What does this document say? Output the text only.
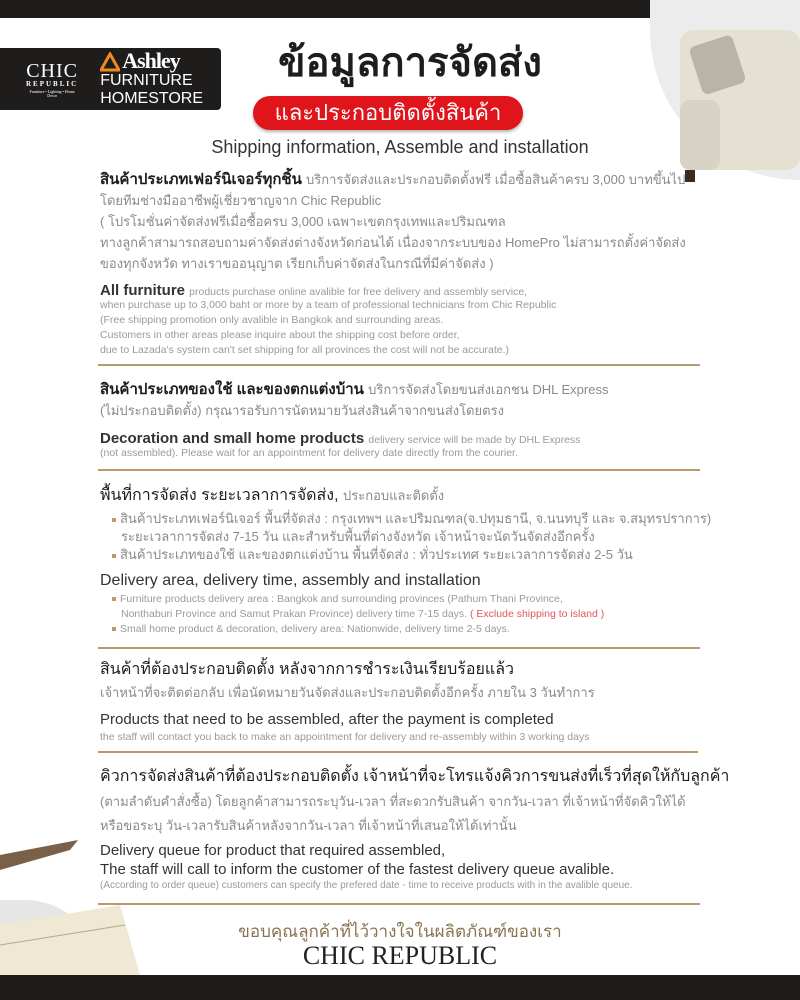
CHIC
REPUBLIC
Furniture • Lighting • Home Decor
Ashley
FURNITURE HOMESTORE
ข้อมูลการจัดส่ง
และประกอบติดตั้งสินค้า
Shipping information, Assemble and installation
สินค้าประเภทเฟอร์นิเจอร์ทุกชิ้น บริการจัดส่งและประกอบติดตั้งฟรี เมื่อซื้อสินค้าครบ 3,000 บาทขึ้นไป
โดยทีมช่างมืออาชีพผู้เชี่ยวชาญจาก Chic Republic
( โปรโมชั่นค่าจัดส่งฟรีเมื่อซื้อครบ 3,000 เฉพาะเขตกรุงเทพและปริมณฑล
ทางลูกค้าสามารถสอบถามค่าจัดส่งต่างจังหวัดก่อนได้ เนื่องจากระบบของ HomePro ไม่สามารถตั้งค่าจัดส่ง
ของทุกจังหวัด ทางเราขออนุญาต เรียกเก็บค่าจัดส่งในกรณีที่มีค่าจัดส่ง )
All furniture products purchase online avalible for free delivery and assembly service,
when purchase up to 3,000 baht or more by a team of professional technicians from Chic Republic
(Free shipping promotion only avalible in Bangkok and surrounding areas.
Customers in other areas please inquire about the shipping cost before order,
due to Lazada's system can't set shipping for all provinces the cost will not be accurate.)
สินค้าประเภทของใช้ และของตกแต่งบ้าน บริการจัดส่งโดยขนส่งเอกชน DHL Express
(ไม่ประกอบติดตั้ง) กรุณารอรับการนัดหมายวันส่งสินค้าจากขนส่งโดยตรง
Decoration and small home products delivery service will be made by DHL Express
(not assembled). Please wait for an appointment for delivery date directly from the courier.
พื้นที่การจัดส่ง ระยะเวลาการจัดส่ง, ประกอบและติดตั้ง
สินค้าประเภทเฟอร์นิเจอร์ พื้นที่จัดส่ง : กรุงเทพฯ และปริมณฑล(จ.ปทุมธานี, จ.นนทบุรี และ จ.สมุทรปราการ)
ระยะเวลาการจัดส่ง 7-15 วัน และสำหรับพื้นที่ต่างจังหวัด เจ้าหน้าจะนัดวันจัดส่งอีกครั้ง
สินค้าประเภทของใช้ และของตกแต่งบ้าน พื้นที่จัดส่ง : ทั่วประเทศ ระยะเวลาการจัดส่ง 2-5 วัน
Delivery area, delivery time, assembly and installation
Furniture products delivery area : Bangkok and surrounding provinces (Pathum Thani Province,
Nonthaburi Province and Samut Prakan Province) delivery time 7-15 days. ( Exclude shipping to island )
Small home product & decoration, delivery area: Nationwide, delivery time 2-5 days.
สินค้าที่ต้องประกอบติดตั้ง หลังจากการชำระเงินเรียบร้อยแล้ว
เจ้าหน้าที่จะติดต่อกลับ เพื่อนัดหมายวันจัดส่งและประกอบติดตั้งอีกครั้ง ภายใน 3 วันทำการ
Products that need to be assembled, after the payment is completed
the staff will contact you back to make an appointment for delivery and re-assembly within 3 working days
คิวการจัดส่งสินค้าที่ต้องประกอบติดตั้ง เจ้าหน้าที่จะโทรแจ้งคิวการขนส่งที่เร็วที่สุดให้กับลูกค้า
(ตามลำดับคำสั่งซื้อ) โดยลูกค้าสามารถระบุวัน-เวลา ที่สะดวกรับสินค้า จากวัน-เวลา ที่เจ้าหน้าที่จัดคิวให้ได้
หรือขอระบุ วัน-เวลารับสินค้าหลังจากวัน-เวลา ที่เจ้าหน้าที่เสนอให้ได้เท่านั้น
Delivery queue for product that required assembled,
The staff will call to inform the customer of the fastest delivery queue avalible.
(According to order queue) customers can specify the prefered date - time to receive products with in the avalible queue.
ขอบคุณลูกค้าที่ไว้วางใจในผลิตภัณฑ์ของเรา
CHIC REPUBLIC
